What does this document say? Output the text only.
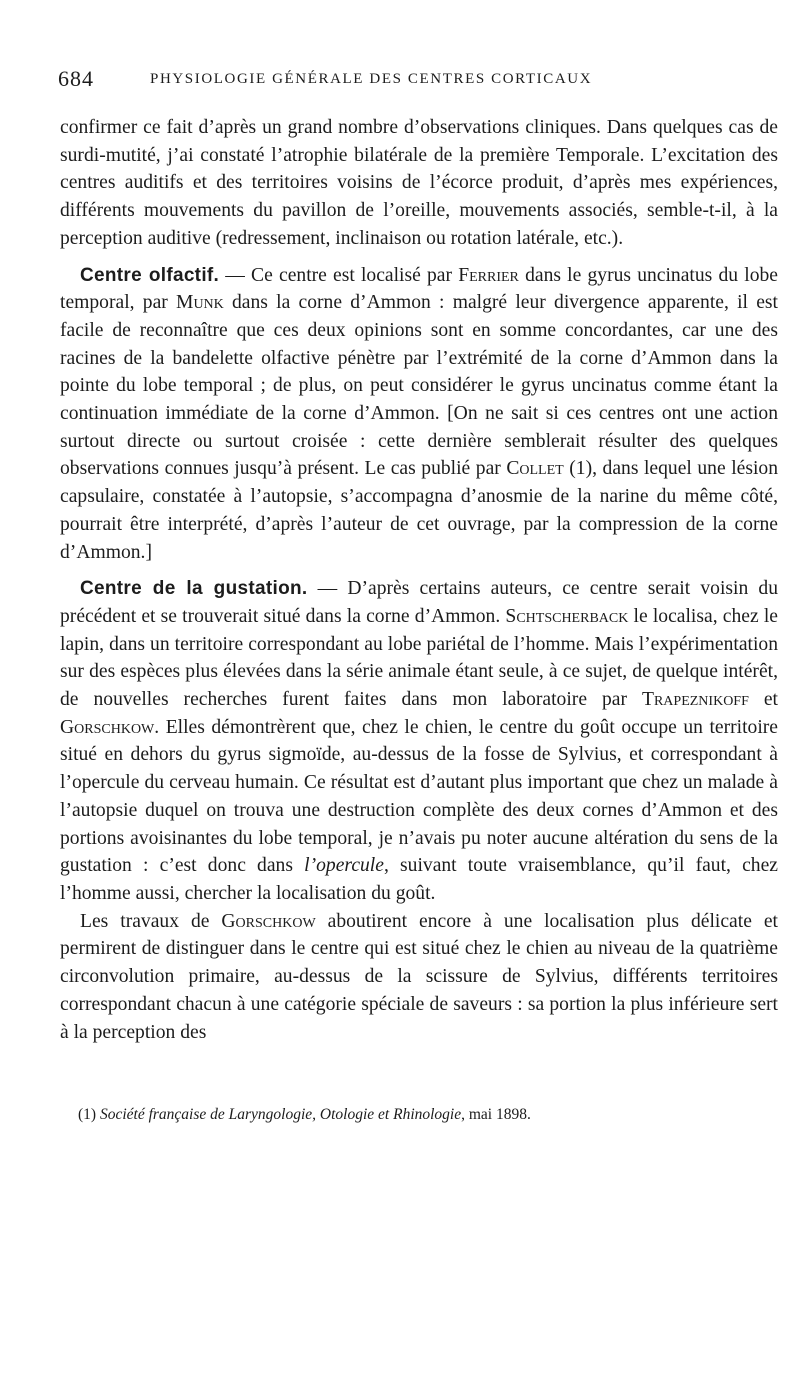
684	PHYSIOLOGIE GÉNÉRALE DES CENTRES CORTICAUX

confirmer ce fait d’après un grand nombre d’observations cliniques. Dans quelques cas de surdi-mutité, j’ai constaté l’atrophie bilatérale de la première Temporale. L’excitation des centres auditifs et des territoires voisins de l’écorce produit, d’après mes expériences, différents mouvements du pavillon de l’oreille, mouvements associés, semble-t-il, à la perception auditive (redressement, inclinaison ou rotation latérale, etc.).

Centre olfactif. — Ce centre est localisé par Ferrier dans le gyrus uncinatus du lobe temporal, par Munk dans la corne d’Ammon : malgré leur divergence apparente, il est facile de reconnaître que ces deux opinions sont en somme concordantes, car une des racines de la bandelette olfactive pénètre par l’extrémité de la corne d’Ammon dans la pointe du lobe temporal ; de plus, on peut considérer le gyrus uncinatus comme étant la continuation immédiate de la corne d’Ammon. [On ne sait si ces centres ont une action surtout directe ou surtout croisée : cette dernière semblerait résulter des quelques observations connues jusqu’à présent. Le cas publié par Collet (1), dans lequel une lésion capsulaire, constatée à l’autopsie, s’accompagna d’anosmie de la narine du même côté, pourrait être interprété, d’après l’auteur de cet ouvrage, par la compression de la corne d’Ammon.]

Centre de la gustation. — D’après certains auteurs, ce centre serait voisin du précédent et se trouverait situé dans la corne d’Ammon. Schtscherback le localisa, chez le lapin, dans un territoire correspondant au lobe pariétal de l’homme. Mais l’expérimentation sur des espèces plus élevées dans la série animale étant seule, à ce sujet, de quelque intérêt, de nouvelles recherches furent faites dans mon laboratoire par Trapeznikoff et Gorschkow. Elles démontrèrent que, chez le chien, le centre du goût occupe un territoire situé en dehors du gyrus sigmoïde, au-dessus de la fosse de Sylvius, et correspondant à l’opercule du cerveau humain. Ce résultat est d’autant plus important que chez un malade à l’autopsie duquel on trouva une destruction complète des deux cornes d’Ammon et des portions avoisinantes du lobe temporal, je n’avais pu noter aucune altération du sens de la gustation : c’est donc dans l’opercule, suivant toute vraisemblance, qu’il faut, chez l’homme aussi, chercher la localisation du goût.

Les travaux de Gorschkow aboutirent encore à une localisation plus délicate et permirent de distinguer dans le centre qui est situé chez le chien au niveau de la quatrième circonvolution primaire, au-dessus de la scissure de Sylvius, différents territoires correspondant chacun à une catégorie spéciale de saveurs : sa portion la plus inférieure sert à la perception des

(1) Société française de Laryngologie, Otologie et Rhinologie, mai 1898.
